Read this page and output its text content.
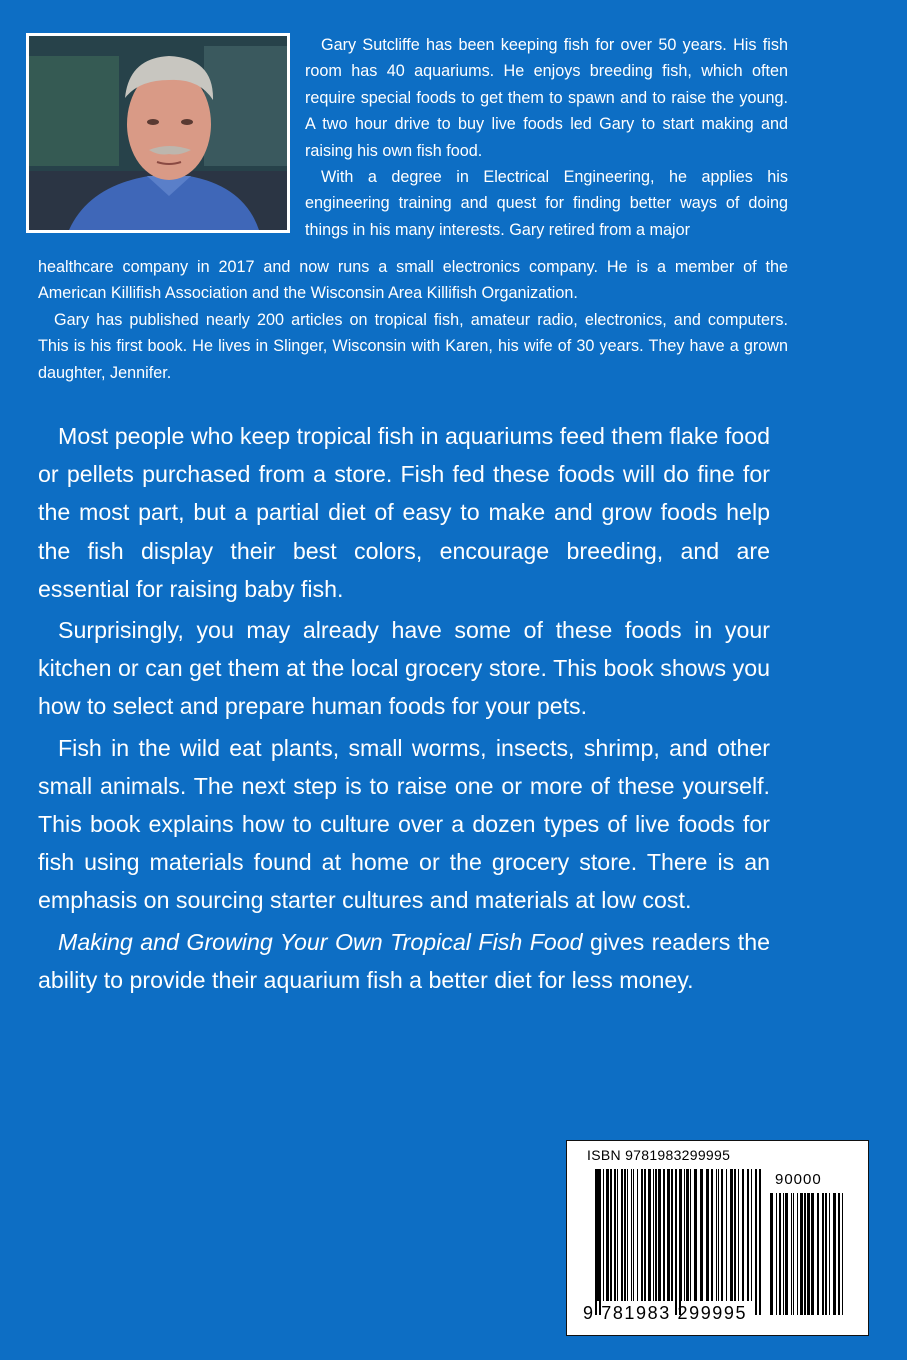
Gary Sutcliffe has been keeping fish for over 50 years. His fish room has 40 aquariums. He enjoys breeding fish, which often require special foods to get them to spawn and to raise the young. A two hour drive to buy live foods led Gary to start making and raising his own fish food.

With a degree in Electrical Engineering, he applies his engineering training and quest for finding better ways of doing things in his many interests. Gary retired from a major

healthcare company in 2017 and now runs a small electronics company. He is a member of the American Killifish Association and the Wisconsin Area Killifish Organization.

Gary has published nearly 200 articles on tropical fish, amateur radio, electronics, and computers. This is his first book. He lives in Slinger, Wisconsin with Karen, his wife of 30 years. They have a grown daughter, Jennifer.

Most people who keep tropical fish in aquariums feed them flake food or pellets purchased from a store. Fish fed these foods will do fine for the most part, but a partial diet of easy to make and grow foods help the fish display their best colors, encourage breeding, and are essential for raising baby fish.

Surprisingly, you may already have some of these foods in your kitchen or can get them at the local grocery store. This book shows you how to select and prepare human foods for your pets.

Fish in the wild eat plants, small worms, insects, shrimp, and other small animals. The next step is to raise one or more of these yourself. This book explains how to culture over a dozen types of live foods for fish using materials found at home or the grocery store. There is an emphasis on sourcing starter cultures and materials at low cost.

Making and Growing Your Own Tropical Fish Food gives readers the ability to provide their aquarium fish a better diet for less money.

ISBN 9781983299995
90000
9 781983 299995
